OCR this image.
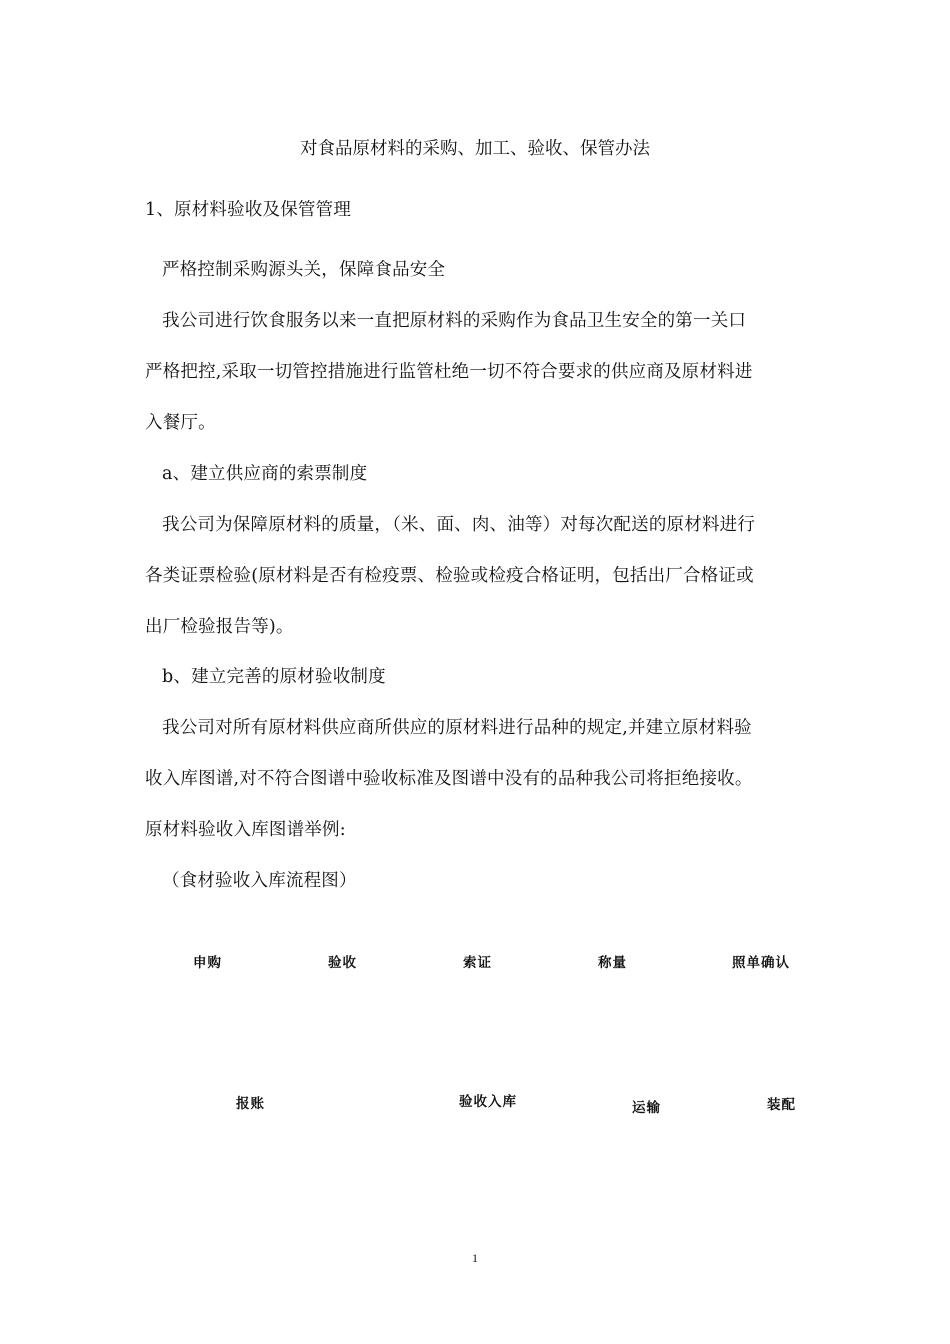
对食品原材料的采购、加工、验收、保管办法
1、原材料验收及保管管理
严格控制采购源头关，保障食品安全
我公司进行饮食服务以来一直把原材料的采购作为食品卫生安全的第一关口
严格把控,采取一切管控措施进行监管杜绝一切不符合要求的供应商及原材料进
入餐厅。
a、建立供应商的索票制度
我公司为保障原材料的质量，（米、面、肉、油等）对每次配送的原材料进行
各类证票检验(原材料是否有检疫票、检验或检疫合格证明，包括出厂合格证或
出厂检验报告等)。
b、建立完善的原材验收制度
我公司对所有原材料供应商所供应的原材料进行品种的规定,并建立原材料验
收入库图谱,对不符合图谱中验收标准及图谱中没有的品种我公司将拒绝接收。
原材料验收入库图谱举例:
（食材验收入库流程图）
申购	验收	索证	称量	照单确认
报账	验收入库	运输	装配
1
